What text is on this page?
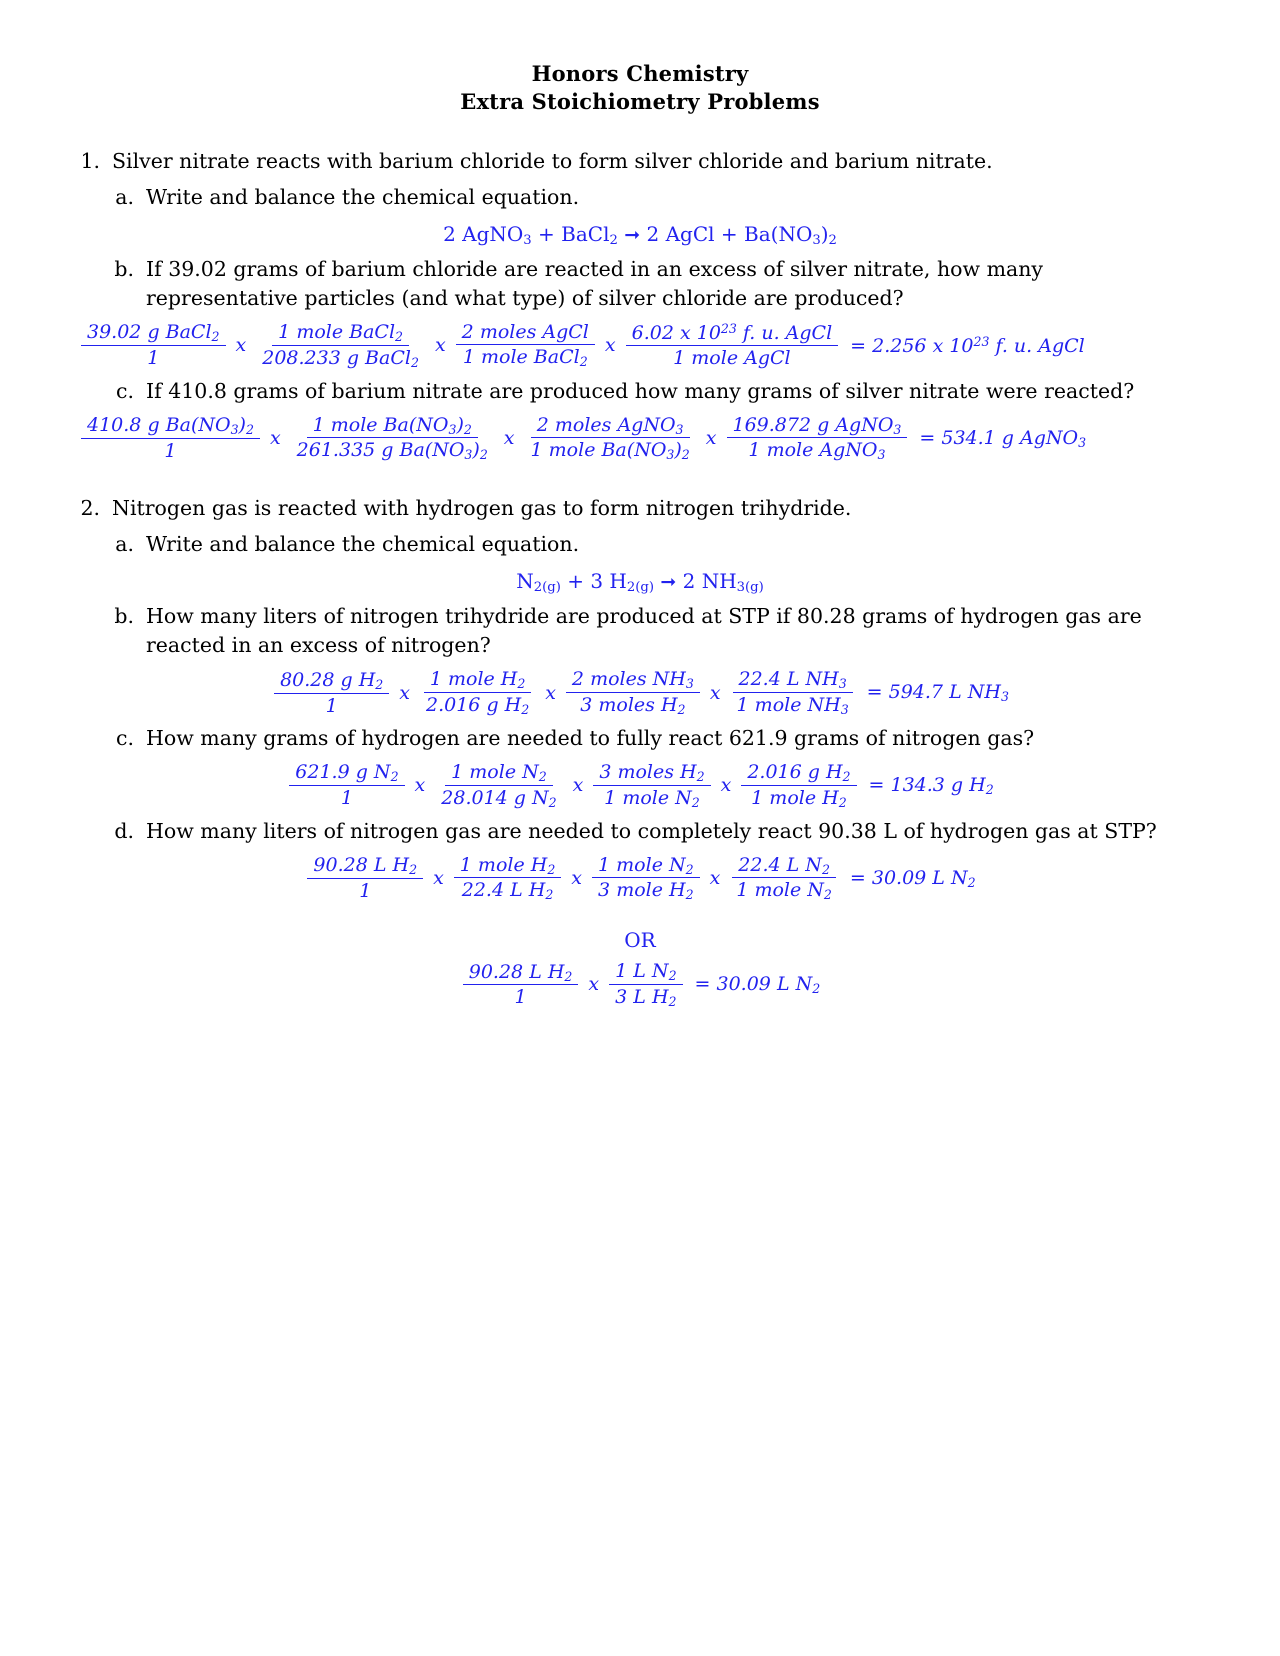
Honors Chemistry
Extra Stoichiometry Problems
1. Silver nitrate reacts with barium chloride to form silver chloride and barium nitrate.
a. Write and balance the chemical equation.
2 AgNO$_3$ + BaCl$_2$ ➞ 2 AgCl + $Ba(NO_3)_2$
b. If 39.02 grams of barium chloride are reacted in an excess of silver nitrate, how many representative particles (and what type) of silver chloride are produced?
$\frac{39.02 g BaCl_2}{1}$ x $\frac{1 mole BaCl_2}{208.233 g BaCl_2}$ x $\frac{\text{2 moles AgCl}}{1 mole BaCl_2}$ x $\frac{6.02 x 10^{23} f. u. AgCl}{\text{1 mole AgCl}} = 2.256$ x $10^{23}$ f. u. AgCl
c. If 410.8 grams of barium nitrate are produced how many grams of silver nitrate were reacted?
$\frac{410.8 g Ba(NO_3)_2}{1}$ x $\frac{1 mole Ba(NO_3)_2}{261.335 g Ba(NO_3)_2}$ x $\frac{2 moles AgNO_3}{1 mole Ba(NO_3)_2}$ x $\frac{169.872 g AgNO_3}{1 mole AgNO_3} = 534.1$ g AgNO$_3$
2. Nitrogen gas is reacted with hydrogen gas to form nitrogen trihydride.
a. Write and balance the chemical equation.
$N_{2(g)} + 3$ $H_{2(g)}$ ➞ 2 $NH_{3(g)}$
b. How many liters of nitrogen trihydride are produced at STP if 80.28 grams of hydrogen gas are reacted in an excess of nitrogen?
$\frac{80.28 g H_2}{1}$ x $\frac{1 mole H_2}{2.016 g H_2}$ x $\frac{2 moles NH_3}{3 moles H_2}$ x $\frac{22.4 L NH_3}{1 mole NH_3} = 594.7$ L $NH_3$
c. How many grams of hydrogen are needed to fully react 621.9 grams of nitrogen gas?
$\frac{621.9 g N_2}{1}$ x $\frac{1 mole N_2}{28.014 g N_2}$ x $\frac{3 moles H_2}{1 mole N_2}$ x $\frac{2.016 g H_2}{1 mole H_2} = 134.3$ g $H_2$
d. How many liters of nitrogen gas are needed to completely react 90.38 L of hydrogen gas at STP?
$\frac{90.28 L H_2}{1}$ x $\frac{1 mole H_2}{22.4 L H_2}$ x $\frac{1 mole N_2}{3 mole H_2}$ x $\frac{22.4 L N_2}{1 mole N_2} = 30.09$ L $N_2$
OR
$\frac{90.28 L H_2}{1}$ x $\frac{1 L N_2}{3 L H_2} = 30.09$ L $N_2$
